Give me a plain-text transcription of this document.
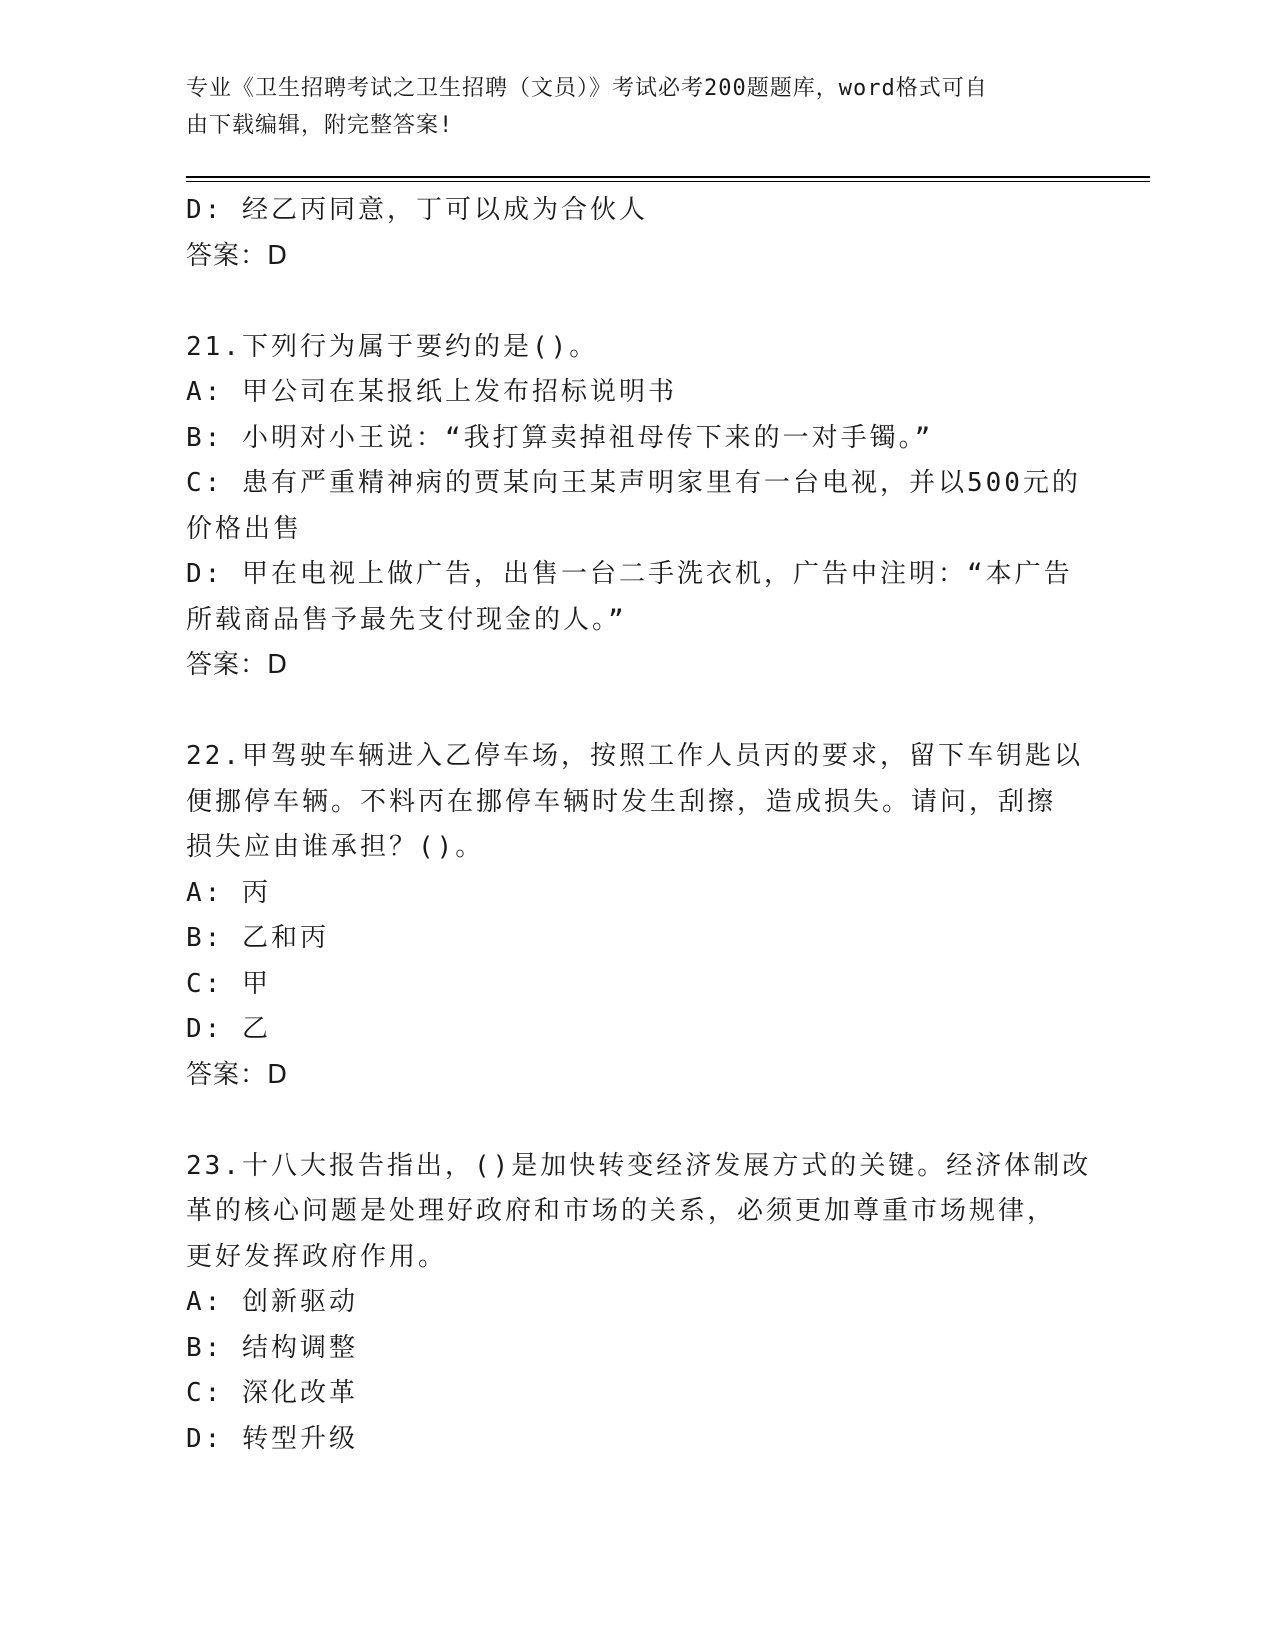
专业《卫生招聘考试之卫生招聘（文员）》考试必考200题题库，word格式可自
由下载编辑，附完整答案!
D: 经乙丙同意，丁可以成为合伙人
答案：D
21.下列行为属于要约的是()。
A: 甲公司在某报纸上发布招标说明书
B: 小明对小王说：“我打算卖掉祖母传下来的一对手镯。”
C: 患有严重精神病的贾某向王某声明家里有一台电视，并以500元的
价格出售
D: 甲在电视上做广告，出售一台二手洗衣机，广告中注明：“本广告
所载商品售予最先支付现金的人。”
答案：D
22.甲驾驶车辆进入乙停车场，按照工作人员丙的要求，留下车钥匙以
便挪停车辆。不料丙在挪停车辆时发生刮擦，造成损失。请问，刮擦
损失应由谁承担？()。
A: 丙
B: 乙和丙
C: 甲
D: 乙
答案：D
23.十八大报告指出，()是加快转变经济发展方式的关键。经济体制改
革的核心问题是处理好政府和市场的关系，必须更加尊重市场规律，
更好发挥政府作用。
A: 创新驱动
B: 结构调整
C: 深化改革
D: 转型升级
